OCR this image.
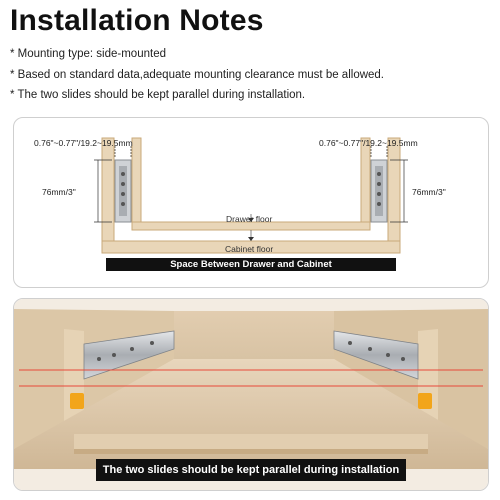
Installation Notes
* Mounting type: side-mounted
* Based on standard data,adequate mounting clearance must be allowed.
* The two slides should be kept parallel during installation.
0.76"~0.77"/19.2~19.5mm	0.76"~0.77"/19.2~19.5mm
76mm/3"	76mm/3"
Drawer floor
Cabinet floor
Space Between Drawer and Cabinet
The two slides should be kept parallel during installation
